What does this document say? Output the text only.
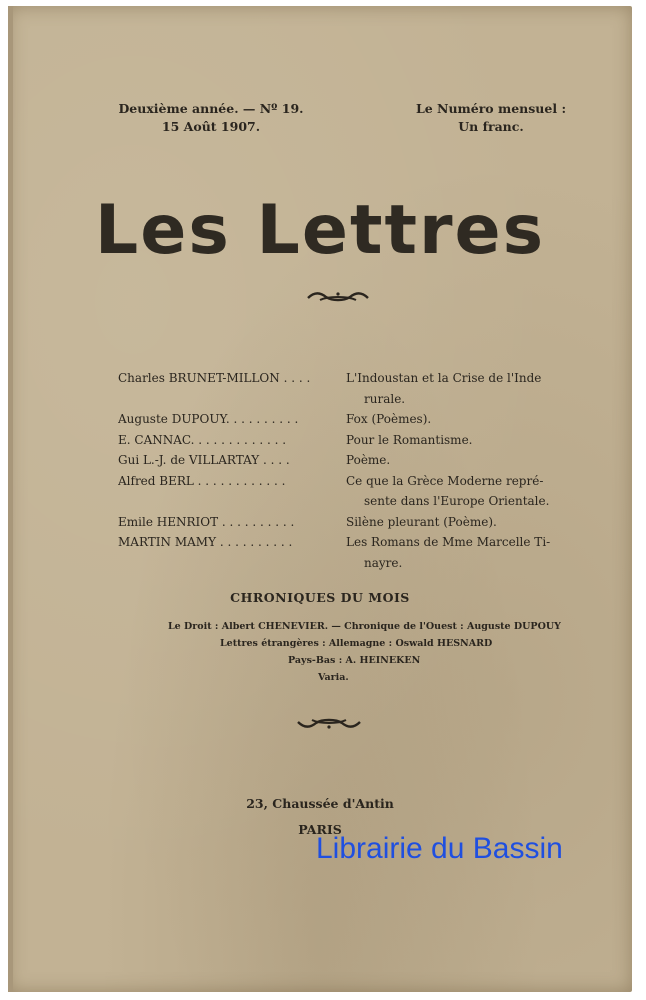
Deuxième année. — Nº 19.
15 Août 1907.
Le Numéro mensuel :
Un franc.
Les Lettres
Charles BRUNET-MILLON . . . .	L'Indoustan et la Crise de l'Inde
rurale.
Auguste DUPOUY. . . . . . . . . .	Fox (Poèmes).
E. CANNAC. . . . . . . . . . . . .	Pour le Romantisme.
Gui L.-J. de VILLARTAY . . . .	Poème.
Alfred BERL . . . . . . . . . . . .	Ce que la Grèce Moderne repré-
sente dans l'Europe Orientale.
Emile HENRIOT . . . . . . . . . .	Silène pleurant (Poème).
MARTIN MAMY . . . . . . . . . .	Les Romans de Mme Marcelle Ti-
nayre.
CHRONIQUES DU MOIS
Le Droit : Albert CHENEVIER. — Chronique de l'Ouest : Auguste DUPOUY
Lettres étrangères : Allemagne : Oswald HESNARD
Pays-Bas : A. HEINEKEN
Varia.
23, Chaussée d'Antin
PARIS
Librairie du Bassin
